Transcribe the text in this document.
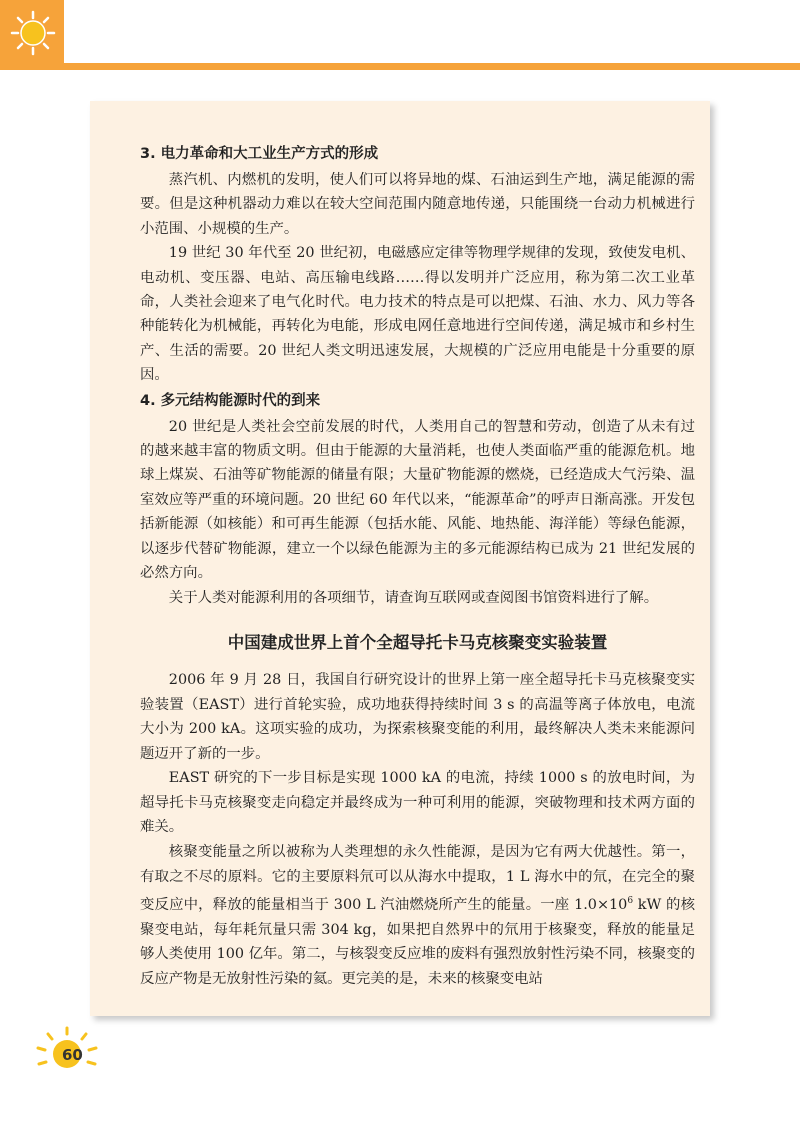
3. 电力革命和大工业生产方式的形成

蒸汽机、内燃机的发明，使人们可以将异地的煤、石油运到生产地，满足能源的需要。但是这种机器动力难以在较大空间范围内随意地传递，只能围绕一台动力机械进行小范围、小规模的生产。

19 世纪 30 年代至 20 世纪初，电磁感应定律等物理学规律的发现，致使发电机、电动机、变压器、电站、高压输电线路……得以发明并广泛应用，称为第二次工业革命，人类社会迎来了电气化时代。电力技术的特点是可以把煤、石油、水力、风力等各种能转化为机械能，再转化为电能，形成电网任意地进行空间传递，满足城市和乡村生产、生活的需要。20 世纪人类文明迅速发展，大规模的广泛应用电能是十分重要的原因。

4. 多元结构能源时代的到来

20 世纪是人类社会空前发展的时代，人类用自己的智慧和劳动，创造了从未有过的越来越丰富的物质文明。但由于能源的大量消耗，也使人类面临严重的能源危机。地球上煤炭、石油等矿物能源的储量有限；大量矿物能源的燃烧，已经造成大气污染、温室效应等严重的环境问题。20 世纪 60 年代以来，“能源革命”的呼声日渐高涨。开发包括新能源（如核能）和可再生能源（包括水能、风能、地热能、海洋能）等绿色能源，以逐步代替矿物能源，建立一个以绿色能源为主的多元能源结构已成为 21 世纪发展的必然方向。

关于人类对能源利用的各项细节，请查询互联网或查阅图书馆资料进行了解。

中国建成世界上首个全超导托卡马克核聚变实验装置

2006 年 9 月 28 日，我国自行研究设计的世界上第一座全超导托卡马克核聚变实验装置（EAST）进行首轮实验，成功地获得持续时间 3 s 的高温等离子体放电，电流大小为 200 kA。这项实验的成功，为探索核聚变能的利用，最终解决人类未来能源问题迈开了新的一步。

EAST 研究的下一步目标是实现 1000 kA 的电流，持续 1000 s 的放电时间，为超导托卡马克核聚变走向稳定并最终成为一种可利用的能源，突破物理和技术两方面的难关。

核聚变能量之所以被称为人类理想的永久性能源，是因为它有两大优越性。第一，有取之不尽的原料。它的主要原料氘可以从海水中提取，1 L 海水中的氘，在完全的聚变反应中，释放的能量相当于 300 L 汽油燃烧所产生的能量。一座 $1.0\times 10^6$ kW 的核聚变电站，每年耗氘量只需 304 kg，如果把自然界中的氘用于核聚变，释放的能量足够人类使用 100 亿年。第二，与核裂变反应堆的废料有强烈放射性污染不同，核聚变的反应产物是无放射性污染的氦。更完美的是，未来的核聚变电站

60
